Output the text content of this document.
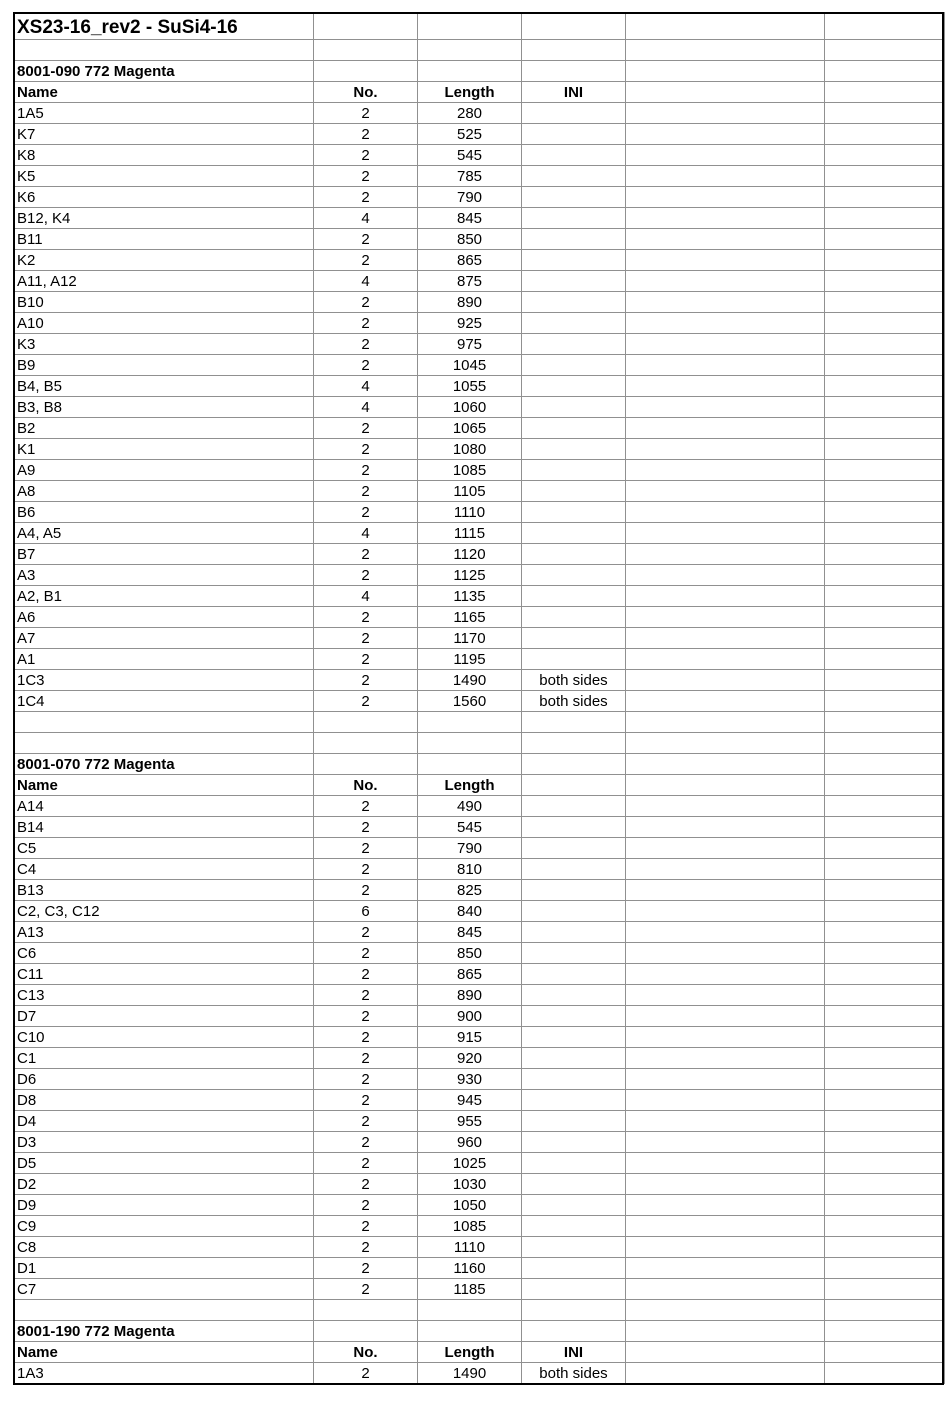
XS23-16_rev2 - SuSi4-16					

8001-090 772 Magenta					
Name	No.	Length	INI		
1A5	2	280			
K7	2	525			
K8	2	545			
K5	2	785			
K6	2	790			
B12, K4	4	845			
B11	2	850			
K2	2	865			
A11, A12	4	875			
B10	2	890			
A10	2	925			
K3	2	975			
B9	2	1045			
B4, B5	4	1055			
B3, B8	4	1060			
B2	2	1065			
K1	2	1080			
A9	2	1085			
A8	2	1105			
B6	2	1110			
A4, A5	4	1115			
B7	2	1120			
A3	2	1125			
A2, B1	4	1135			
A6	2	1165			
A7	2	1170			
A1	2	1195			
1C3	2	1490	both sides		
1C4	2	1560	both sides		

8001-070 772 Magenta					
Name	No.	Length			
A14	2	490			
B14	2	545			
C5	2	790			
C4	2	810			
B13	2	825			
C2, C3, C12	6	840			
A13	2	845			
C6	2	850			
C11	2	865			
C13	2	890			
D7	2	900			
C10	2	915			
C1	2	920			
D6	2	930			
D8	2	945			
D4	2	955			
D3	2	960			
D5	2	1025			
D2	2	1030			
D9	2	1050			
C9	2	1085			
C8	2	1110			
D1	2	1160			
C7	2	1185			

8001-190 772 Magenta					
Name	No.	Length	INI		
1A3	2	1490	both sides		
